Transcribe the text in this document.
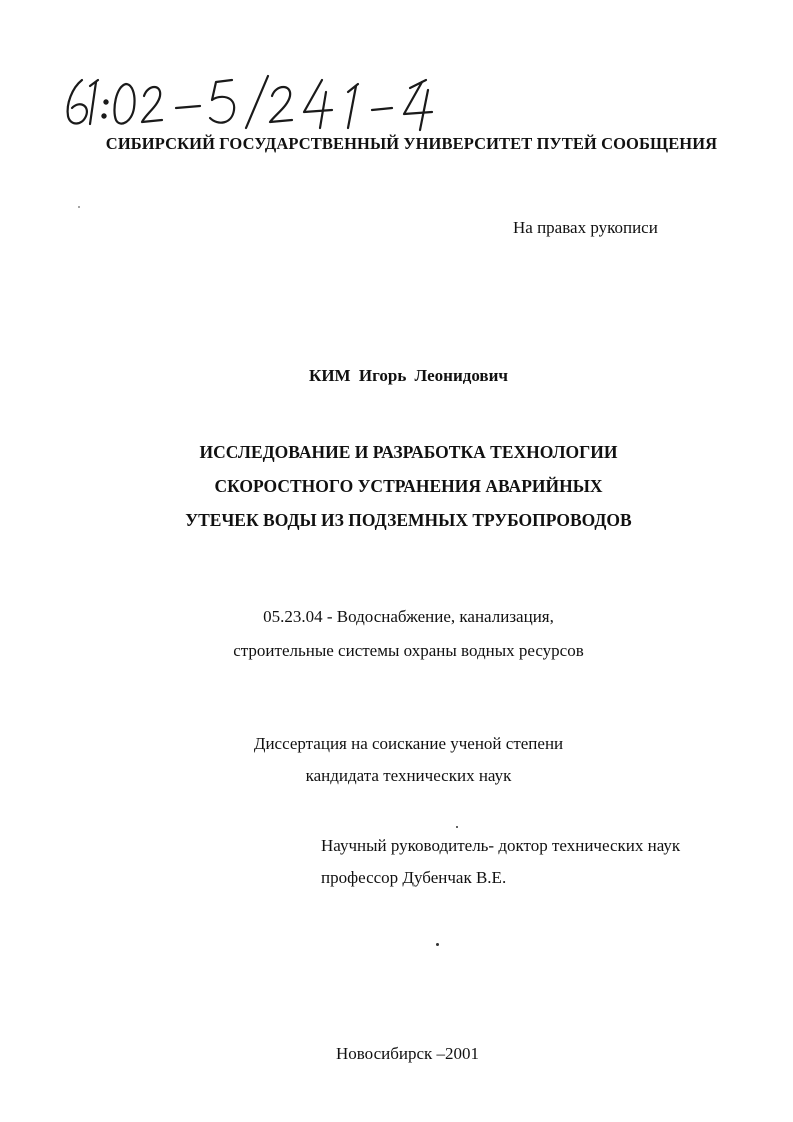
СИБИРСКИЙ ГОСУДАРСТВЕННЫЙ УНИВЕРСИТЕТ ПУТЕЙ СООБЩЕНИЯ
На правах рукописи
КИМ Игорь Леонидович
ИССЛЕДОВАНИЕ И РАЗРАБОТКА ТЕХНОЛОГИИ
СКОРОСТНОГО УСТРАНЕНИЯ АВАРИЙНЫХ
УТЕЧЕК ВОДЫ ИЗ ПОДЗЕМНЫХ ТРУБОПРОВОДОВ
05.23.04 - Водоснабжение, канализация,
строительные системы охраны водных ресурсов
Диссертация на соискание ученой степени
кандидата технических наук
Научный руководитель- доктор технических наук
профессор Дубенчак В.Е.
Новосибирск –2001
